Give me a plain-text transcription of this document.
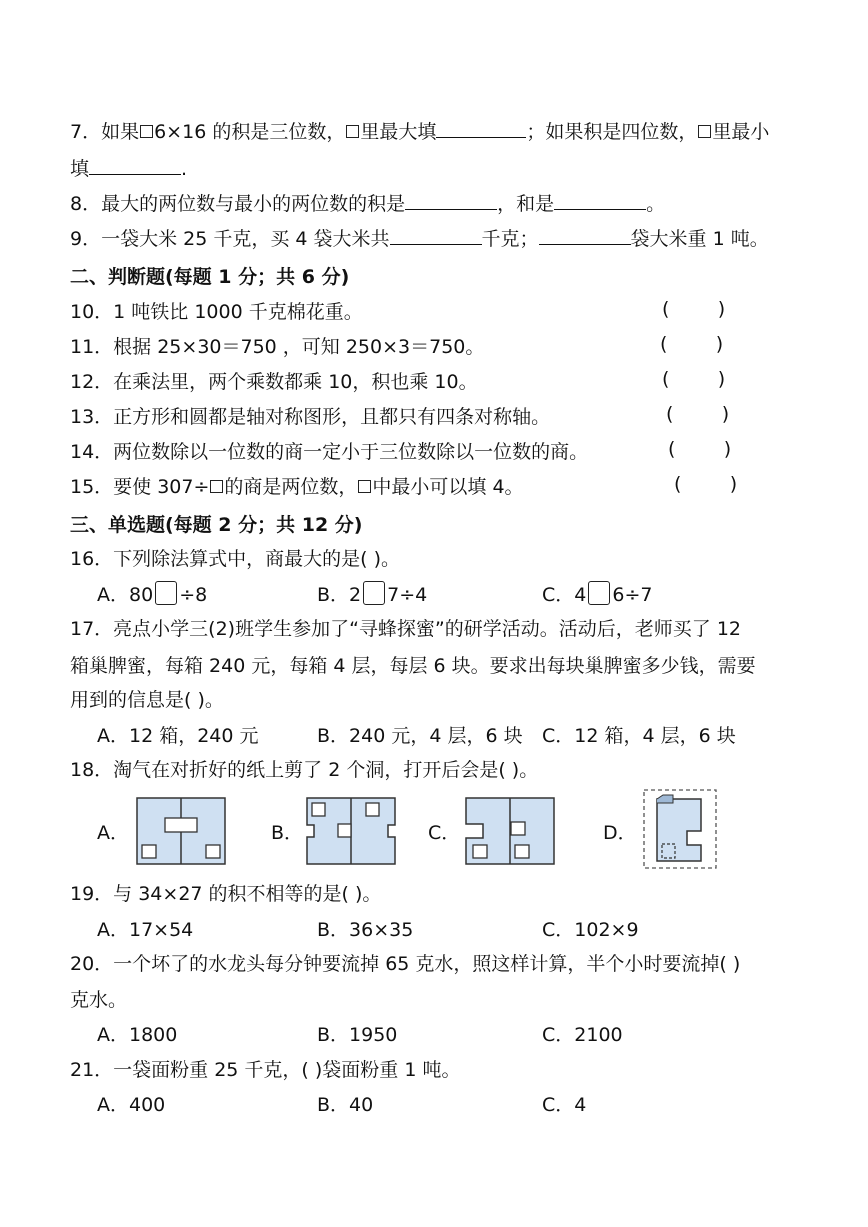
7．如果 6×16 的积是三位数， 里最大填	；如果积是四位数， 里最小
填	.
8．最大的两位数与最小的两位数的积是	，和是	。
9．一袋大米 25 千克，买 4 袋大米共	千克；	袋大米重 1 吨。
二、判断题(每题 1 分；共 6 分)
10．1 吨铁比 1000 千克棉花重。	(        )
11．根据 25×30＝750 ，可知 250×3＝750。	(        )
12．在乘法里，两个乘数都乘 10，积也乘 10。	(        )
13．正方形和圆都是轴对称图形，且都只有四条对称轴。	(        )
14．两位数除以一位数的商一定小于三位数除以一位数的商。	(        )
15．要使 307÷ 的商是两位数， 中最小可以填 4。	(        )
三、单选题(每题 2 分；共 12 分)
16．下列除法算式中，商最大的是( )。
A．80 ÷8	B．2 7÷4	C．4 6÷7
17．亮点小学三(2)班学生参加了“寻蜂探蜜”的研学活动。活动后，老师买了 12
箱巢脾蜜，每箱 240 元，每箱 4 层，每层 6 块。要求出每块巢脾蜜多少钱，需要
用到的信息是( )。
A．12 箱，240 元	B．240 元，4 层，6 块 C．12 箱，4 层，6 块
18．淘气在对折好的纸上剪了 2 个洞，打开后会是( )。
A．	B．	C．	D．
19．与 34×27 的积不相等的是( )。
A．17×54	B．36×35	C．102×9
20．一个坏了的水龙头每分钟要流掉 65 克水，照这样计算，半个小时要流掉( )
克水。
A．1800	B．1950	C．2100
21．一袋面粉重 25 千克，( )袋面粉重 1 吨。
A．400	B．40	C．4
